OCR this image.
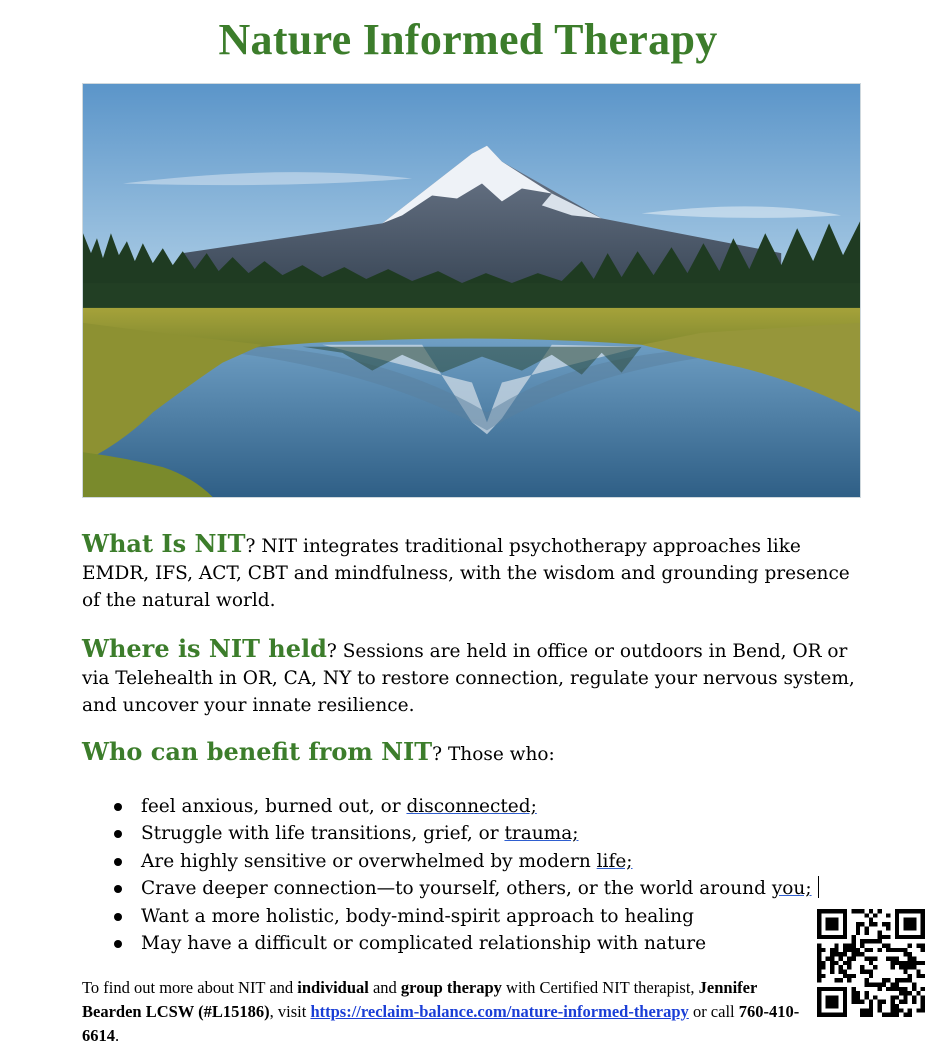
Nature Informed Therapy
What Is NIT? NIT integrates traditional psychotherapy approaches like EMDR, IFS, ACT, CBT and mindfulness, with the wisdom and grounding presence of the natural world.
Where is NIT held? Sessions are held in office or outdoors in Bend, OR or via Telehealth in OR, CA, NY to restore connection, regulate your nervous system, and uncover your innate resilience.
Who can benefit from NIT? Those who:
feel anxious, burned out, or disconnected;
Struggle with life transitions, grief, or trauma;
Are highly sensitive or overwhelmed by modern life;
Crave deeper connection—to yourself, others, or the world around you;
Want a more holistic, body-mind-spirit approach to healing
May have a difficult or complicated relationship with nature
To find out more about NIT and individual and group therapy with Certified NIT therapist, Jennifer Bearden LCSW (#L15186), visit https://reclaim-balance.com/nature-informed-therapy or call 760-410-6614.
